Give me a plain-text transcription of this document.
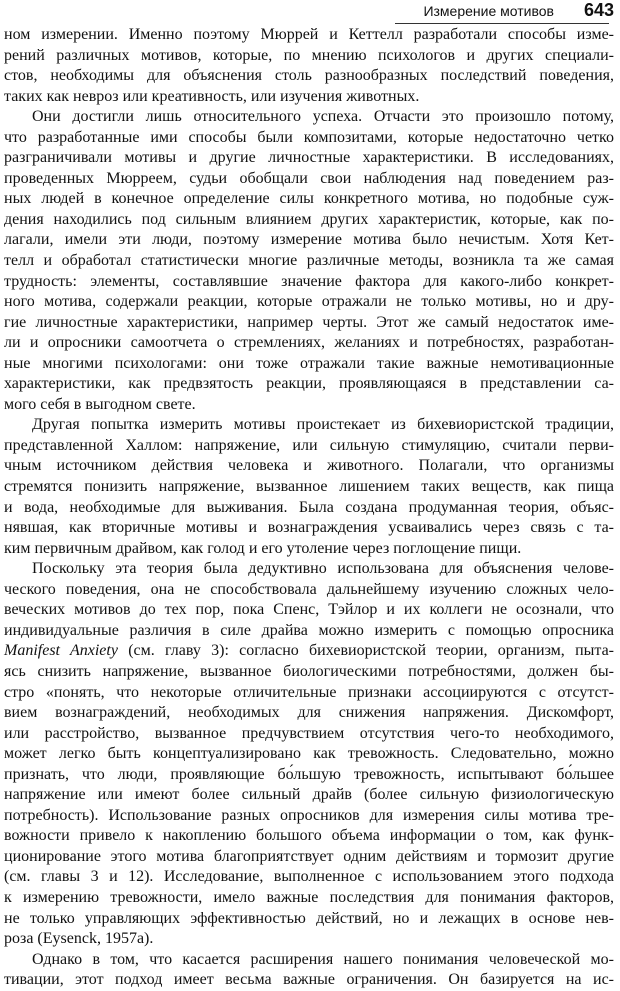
Измерение мотивов 643
ном измерении. Именно поэтому Мюррей и Кеттелл разработали способы изме-
рений различных мотивов, которые, по мнению психологов и других специали-
стов, необходимы для объяснения столь разнообразных последствий поведения,
таких как невроз или креативность, или изучения животных.
Они достигли лишь относительного успеха. Отчасти это произошло потому,
что разработанные ими способы были композитами, которые недостаточно четко
разграничивали мотивы и другие личностные характеристики. В исследованиях,
проведенных Мюрреем, судьи обобщали свои наблюдения над поведением раз-
ных людей в конечное определение силы конкретного мотива, но подобные суж-
дения находились под сильным влиянием других характеристик, которые, как по-
лагали, имели эти люди, поэтому измерение мотива было нечистым. Хотя Кет-
телл и обработал статистически многие различные методы, возникла та же самая
трудность: элементы, составлявшие значение фактора для какого-либо конкрет-
ного мотива, содержали реакции, которые отражали не только мотивы, но и дру-
гие личностные характеристики, например черты. Этот же самый недостаток име-
ли и опросники самоотчета о стремлениях, желаниях и потребностях, разработан-
ные многими психологами: они тоже отражали такие важные немотивационные
характеристики, как предвзятость реакции, проявляющаяся в представлении са-
мого себя в выгодном свете.
Другая попытка измерить мотивы проистекает из бихевиористской традиции,
представленной Халлом: напряжение, или сильную стимуляцию, считали перви-
чным источником действия человека и животного. Полагали, что организмы
стремятся понизить напряжение, вызванное лишением таких веществ, как пища
и вода, необходимые для выживания. Была создана продуманная теория, объяс-
нявшая, как вторичные мотивы и вознаграждения усваивались через связь с та-
ким первичным драйвом, как голод и его утоление через поглощение пищи.
Поскольку эта теория была дедуктивно использована для объяснения челове-
ческого поведения, она не способствовала дальнейшему изучению сложных чело-
веческих мотивов до тех пор, пока Спенс, Тэйлор и их коллеги не осознали, что
индивидуальные различия в силе драйва можно измерить с помощью опросника
Manifest Anxiety (см. главу 3): согласно бихевиористской теории, организм, пыта-
ясь снизить напряжение, вызванное биологическими потребностями, должен бы-
стро «понять, что некоторые отличительные признаки ассоциируются с отсутст-
вием вознаграждений, необходимых для снижения напряжения. Дискомфорт,
или расстройство, вызванное предчувствием отсутствия чего-то необходимого,
может легко быть концептуализировано как тревожность. Следовательно, можно
признать, что люди, проявляющие бо́льшую тревожность, испытывают бо́льшее
напряжение или имеют более сильный драйв (более сильную физиологическую
потребность). Использование разных опросников для измерения силы мотива тре-
вожности привело к накоплению большого объема информации о том, как функ-
ционирование этого мотива благоприятствует одним действиям и тормозит другие
(см. главы 3 и 12). Исследование, выполненное с использованием этого подхода
к измерению тревожности, имело важные последствия для понимания факторов,
не только управляющих эффективностью действий, но и лежащих в основе нев-
роза (Eysenck, 1957a).
Однако в том, что касается расширения нашего понимания человеческой мо-
тивации, этот подход имеет весьма важные ограничения. Он базируется на ис-
